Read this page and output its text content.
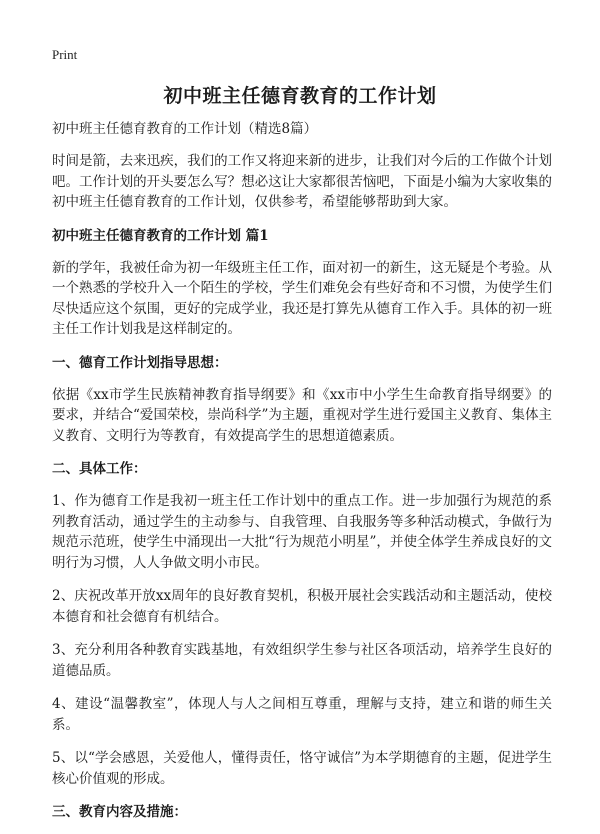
Print
初中班主任德育教育的工作计划
初中班主任德育教育的工作计划（精选8篇）

时间是箭，去来迅疾，我们的工作又将迎来新的进步，让我们对今后的工作做个计划吧。工作计划的开头要怎么写？想必这让大家都很苦恼吧，下面是小编为大家收集的初中班主任德育教育的工作计划，仅供参考，希望能够帮助到大家。

初中班主任德育教育的工作计划 篇1

新的学年，我被任命为初一年级班主任工作，面对初一的新生，这无疑是个考验。从一个熟悉的学校升入一个陌生的学校，学生们难免会有些好奇和不习惯，为使学生们尽快适应这个氛围，更好的完成学业，我还是打算先从德育工作入手。具体的初一班主任工作计划我是这样制定的。

一、德育工作计划指导思想：

依据《xx市学生民族精神教育指导纲要》和《xx市中小学生生命教育指导纲要》的要求，并结合“爱国荣校，崇尚科学”为主题，重视对学生进行爱国主义教育、集体主义教育、文明行为等教育，有效提高学生的思想道德素质。

二、具体工作：

1、作为德育工作是我初一班主任工作计划中的重点工作。进一步加强行为规范的系列教育活动，通过学生的主动参与、自我管理、自我服务等多种活动模式，争做行为规范示范班，使学生中涌现出一大批“行为规范小明星”，并使全体学生养成良好的文明行为习惯，人人争做文明小市民。

2、庆祝改革开放xx周年的良好教育契机，积极开展社会实践活动和主题活动，使校本德育和社会德育有机结合。

3、充分利用各种教育实践基地，有效组织学生参与社区各项活动，培养学生良好的道德品质。

4、建设“温馨教室”，体现人与人之间相互尊重，理解与支持，建立和谐的师生关系。

5、以“学会感恩，关爱他人，懂得责任，恪守诚信”为本学期德育的主题，促进学生核心价值观的形成。

三、教育内容及措施：
